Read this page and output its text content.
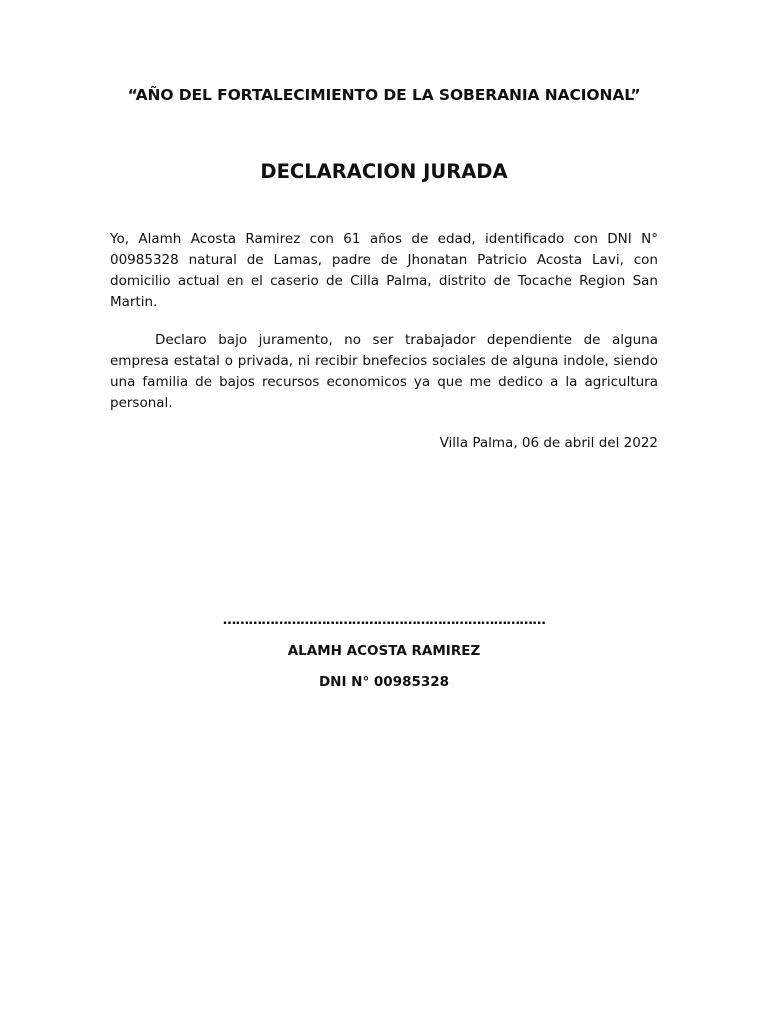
“AÑO DEL FORTALECIMIENTO DE LA SOBERANIA NACIONAL”
DECLARACION JURADA

Yo, Alamh Acosta Ramirez con 61 años de edad, identificado con DNI N° 00985328 natural de Lamas, padre de Jhonatan Patricio Acosta Lavi, con domicilio actual en el caserio de Cilla Palma, distrito de Tocache Region San Martin.

Declaro bajo juramento, no ser trabajador dependiente de alguna empresa estatal o privada, ni recibir bnefecios sociales de alguna indole, siendo una familia de bajos recursos economicos ya que me dedico a la agricultura personal.

Villa Palma, 06 de abril del 2022
…………………………………………………………………
ALAMH ACOSTA RAMIREZ
DNI N° 00985328
